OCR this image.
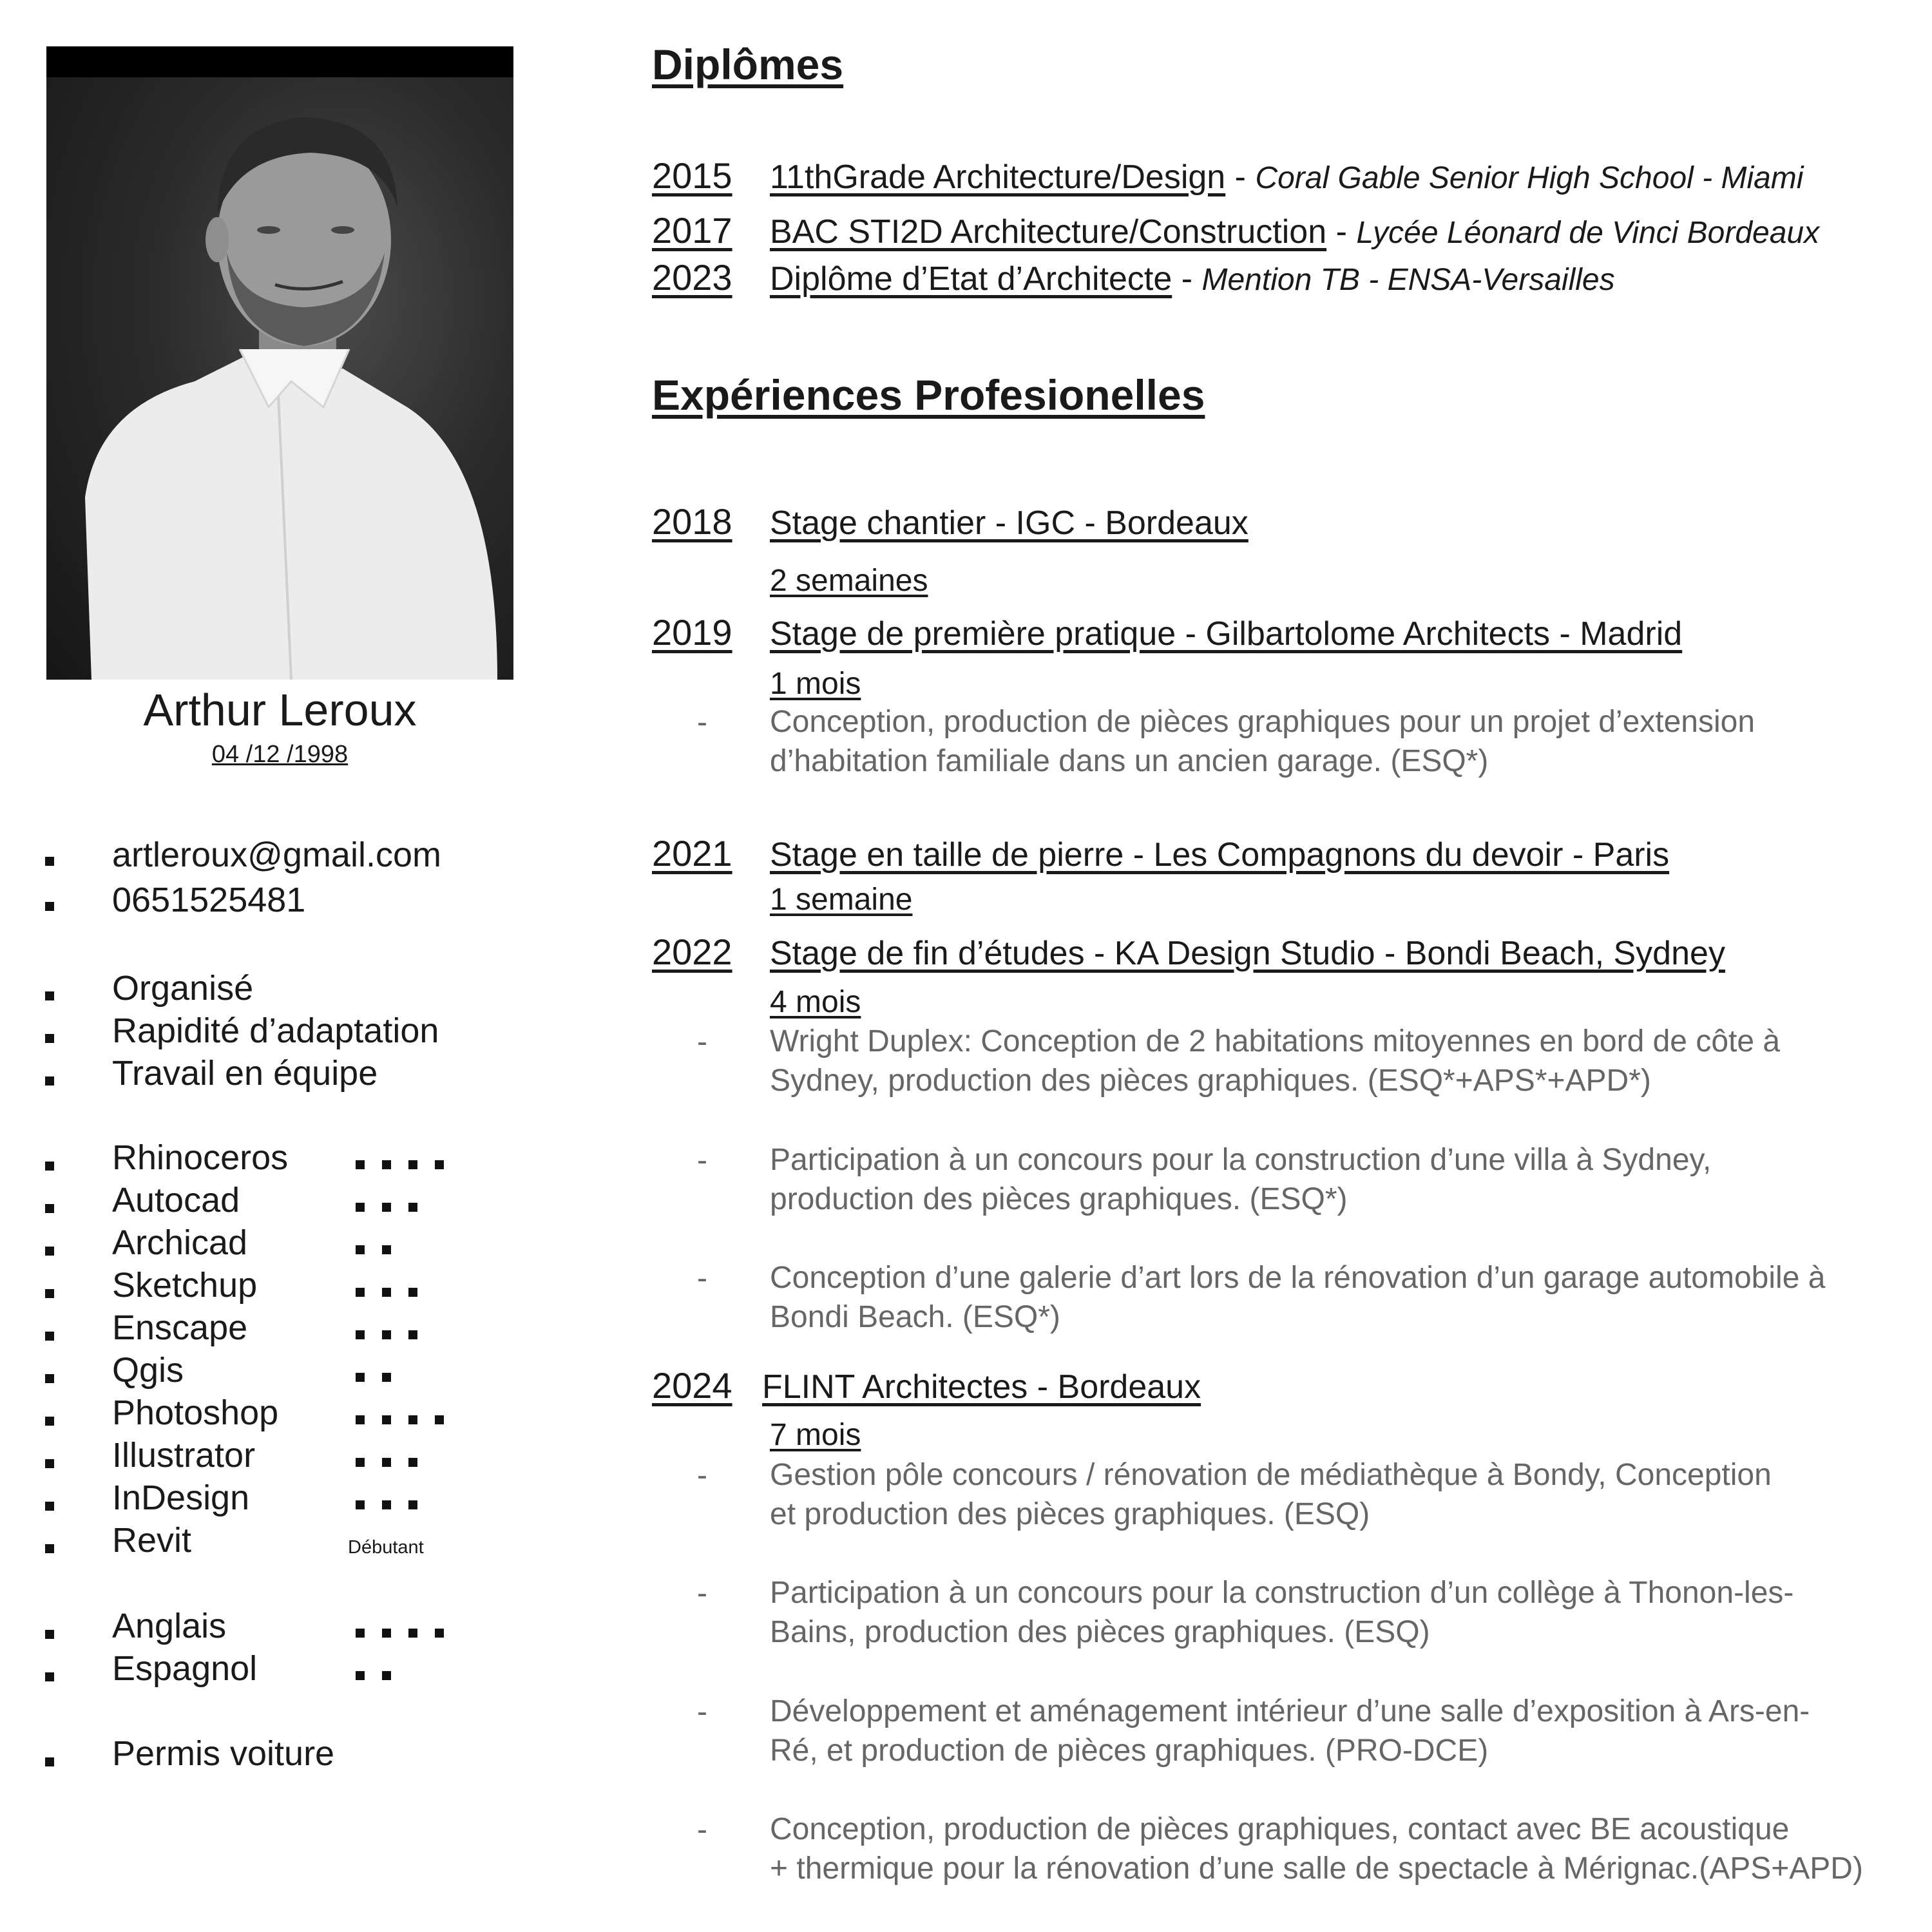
Arthur Leroux
04 /12 /1998
artleroux@gmail.com
0651525481
Organisé
Rapidité d’adaptation
Travail en équipe
Rhinoceros
Autocad
Archicad
Sketchup
Enscape
Qgis
Photoshop
Illustrator
InDesign
Revit	Débutant
Anglais
Espagnol
Permis voiture
Diplômes
2015 11thGrade Architecture/Design - Coral Gable Senior High School - Miami
2017 BAC STI2D Architecture/Construction - Lycée Léonard de Vinci Bordeaux
2023 Diplôme d’Etat d’Architecte - Mention TB - ENSA-Versailles
Expériences Profesionelles
2018 Stage chantier - IGC - Bordeaux
2 semaines
2019 Stage de première pratique - Gilbartolome Architects - Madrid
1 mois
- Conception, production de pièces graphiques pour un projet d’extension
d’habitation familiale dans un ancien garage. (ESQ*)
2021 Stage en taille de pierre - Les Compagnons du devoir - Paris
1 semaine
2022 Stage de fin d’études - KA Design Studio - Bondi Beach, Sydney
4 mois
- Wright Duplex: Conception de 2 habitations mitoyennes en bord de côte à
Sydney, production des pièces graphiques. (ESQ*+APS*+APD*)
- Participation à un concours pour la construction d’une villa à Sydney,
production des pièces graphiques. (ESQ*)
- Conception d’une galerie d’art lors de la rénovation d’un garage automobile à
Bondi Beach. (ESQ*)
2024 FLINT Architectes - Bordeaux
7 mois
- Gestion pôle concours / rénovation de médiathèque à Bondy, Conception
et production des pièces graphiques. (ESQ)
- Participation à un concours pour la construction d’un collège à Thonon-les-
Bains, production des pièces graphiques. (ESQ)
- Développement et aménagement intérieur d’une salle d’exposition à Ars-en-
Ré, et production de pièces graphiques. (PRO-DCE)
- Conception, production de pièces graphiques, contact avec BE acoustique
+ thermique pour la rénovation d’une salle de spectacle à Mérignac.(APS+APD)
